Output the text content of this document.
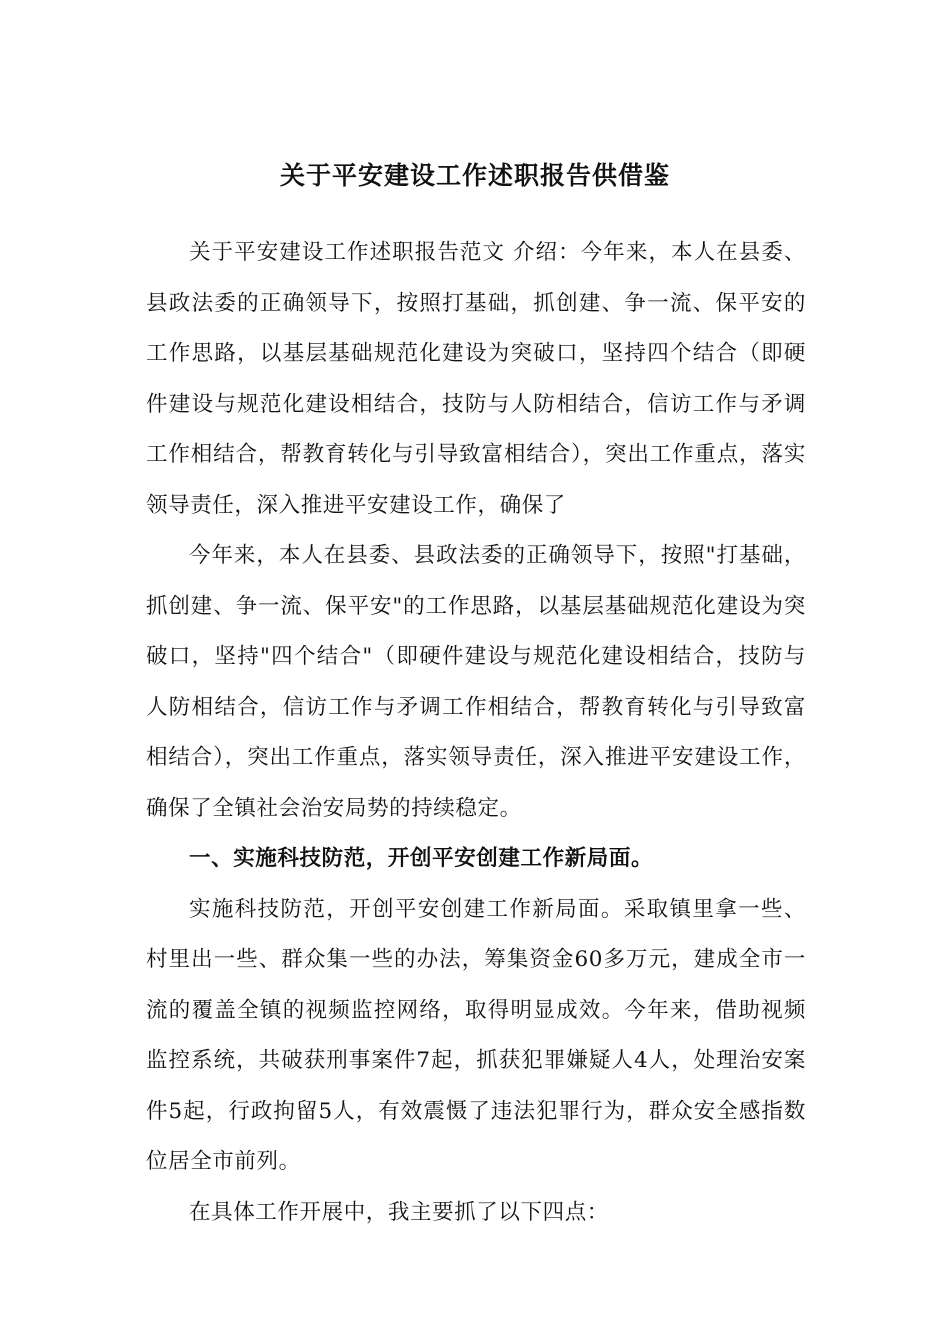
关于平安建设工作述职报告供借鉴

关于平安建设工作述职报告范文 介绍：今年来，本人在县委、县政法委的正确领导下，按照打基础，抓创建、争一流、保平安的工作思路，以基层基础规范化建设为突破口，坚持四个结合（即硬件建设与规范化建设相结合，技防与人防相结合，信访工作与矛调工作相结合，帮教育转化与引导致富相结合），突出工作重点，落实领导责任，深入推进平安建设工作，确保了

今年来，本人在县委、县政法委的正确领导下，按照"打基础，抓创建、争一流、保平安"的工作思路，以基层基础规范化建设为突破口，坚持"四个结合"（即硬件建设与规范化建设相结合，技防与人防相结合，信访工作与矛调工作相结合，帮教育转化与引导致富相结合），突出工作重点，落实领导责任，深入推进平安建设工作，确保了全镇社会治安局势的持续稳定。

一、实施科技防范，开创平安创建工作新局面。

实施科技防范，开创平安创建工作新局面。采取镇里拿一些、村里出一些、群众集一些的办法，筹集资金60多万元，建成全市一流的覆盖全镇的视频监控网络，取得明显成效。今年来，借助视频监控系统，共破获刑事案件7起，抓获犯罪嫌疑人4人，处理治安案件5起，行政拘留5人，有效震慑了违法犯罪行为，群众安全感指数位居全市前列。

在具体工作开展中，我主要抓了以下四点：
